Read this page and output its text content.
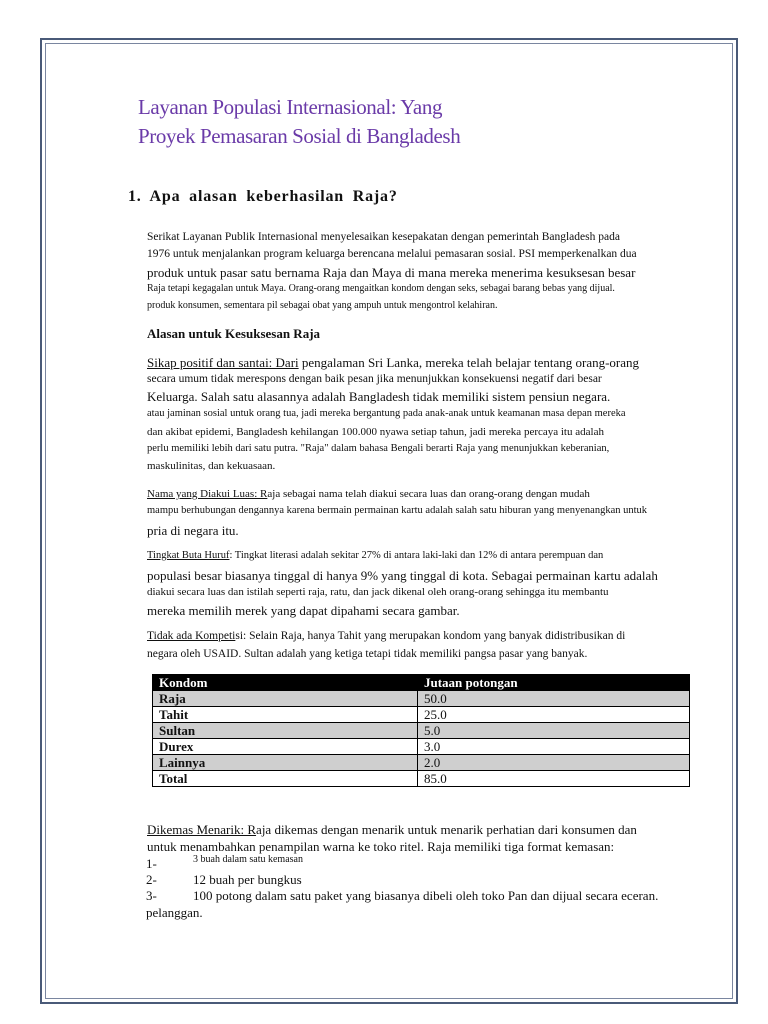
Layanan Populasi Internasional: Yang
Proyek Pemasaran Sosial di Bangladesh
1. Apa alasan keberhasilan Raja?
Serikat Layanan Publik Internasional menyelesaikan kesepakatan dengan pemerintah Bangladesh pada
1976 untuk menjalankan program keluarga berencana melalui pemasaran sosial. PSI memperkenalkan dua
produk untuk pasar satu bernama Raja dan Maya di mana mereka menerima kesuksesan besar
Raja tetapi kegagalan untuk Maya. Orang-orang mengaitkan kondom dengan seks, sebagai barang bebas yang dijual.
produk konsumen, sementara pil sebagai obat yang ampuh untuk mengontrol kelahiran.
Alasan untuk Kesuksesan Raja
Sikap positif dan santai: Dari pengalaman Sri Lanka, mereka telah belajar tentang orang-orang
secara umum tidak merespons dengan baik pesan jika menunjukkan konsekuensi negatif dari besar
Keluarga. Salah satu alasannya adalah Bangladesh tidak memiliki sistem pensiun negara.
atau jaminan sosial untuk orang tua, jadi mereka bergantung pada anak-anak untuk keamanan masa depan mereka
dan akibat epidemi, Bangladesh kehilangan 100.000 nyawa setiap tahun, jadi mereka percaya itu adalah
perlu memiliki lebih dari satu putra. "Raja" dalam bahasa Bengali berarti Raja yang menunjukkan keberanian,
maskulinitas, dan kekuasaan.
Nama yang Diakui Luas: Raja sebagai nama telah diakui secara luas dan orang-orang dengan mudah
mampu berhubungan dengannya karena bermain permainan kartu adalah salah satu hiburan yang menyenangkan untuk
pria di negara itu.
Tingkat Buta Huruf: Tingkat literasi adalah sekitar 27% di antara laki-laki dan 12% di antara perempuan dan
populasi besar biasanya tinggal di hanya 9% yang tinggal di kota. Sebagai permainan kartu adalah
diakui secara luas dan istilah seperti raja, ratu, dan jack dikenal oleh orang-orang sehingga itu membantu
mereka memilih merek yang dapat dipahami secara gambar.
Tidak ada Kompetisi: Selain Raja, hanya Tahit yang merupakan kondom yang banyak didistribusikan di
negara oleh USAID. Sultan adalah yang ketiga tetapi tidak memiliki pangsa pasar yang banyak.
Kondom	Jutaan potongan
Raja	50.0
Tahit	25.0
Sultan	5.0
Durex	3.0
Lainnya	2.0
Total	85.0
Dikemas Menarik: Raja dikemas dengan menarik untuk menarik perhatian dari konsumen dan
untuk menambahkan penampilan warna ke toko ritel. Raja memiliki tiga format kemasan:
1-	3 buah dalam satu kemasan
2-	12 buah per bungkus
3-	100 potong dalam satu paket yang biasanya dibeli oleh toko Pan dan dijual secara eceran.
pelanggan.
